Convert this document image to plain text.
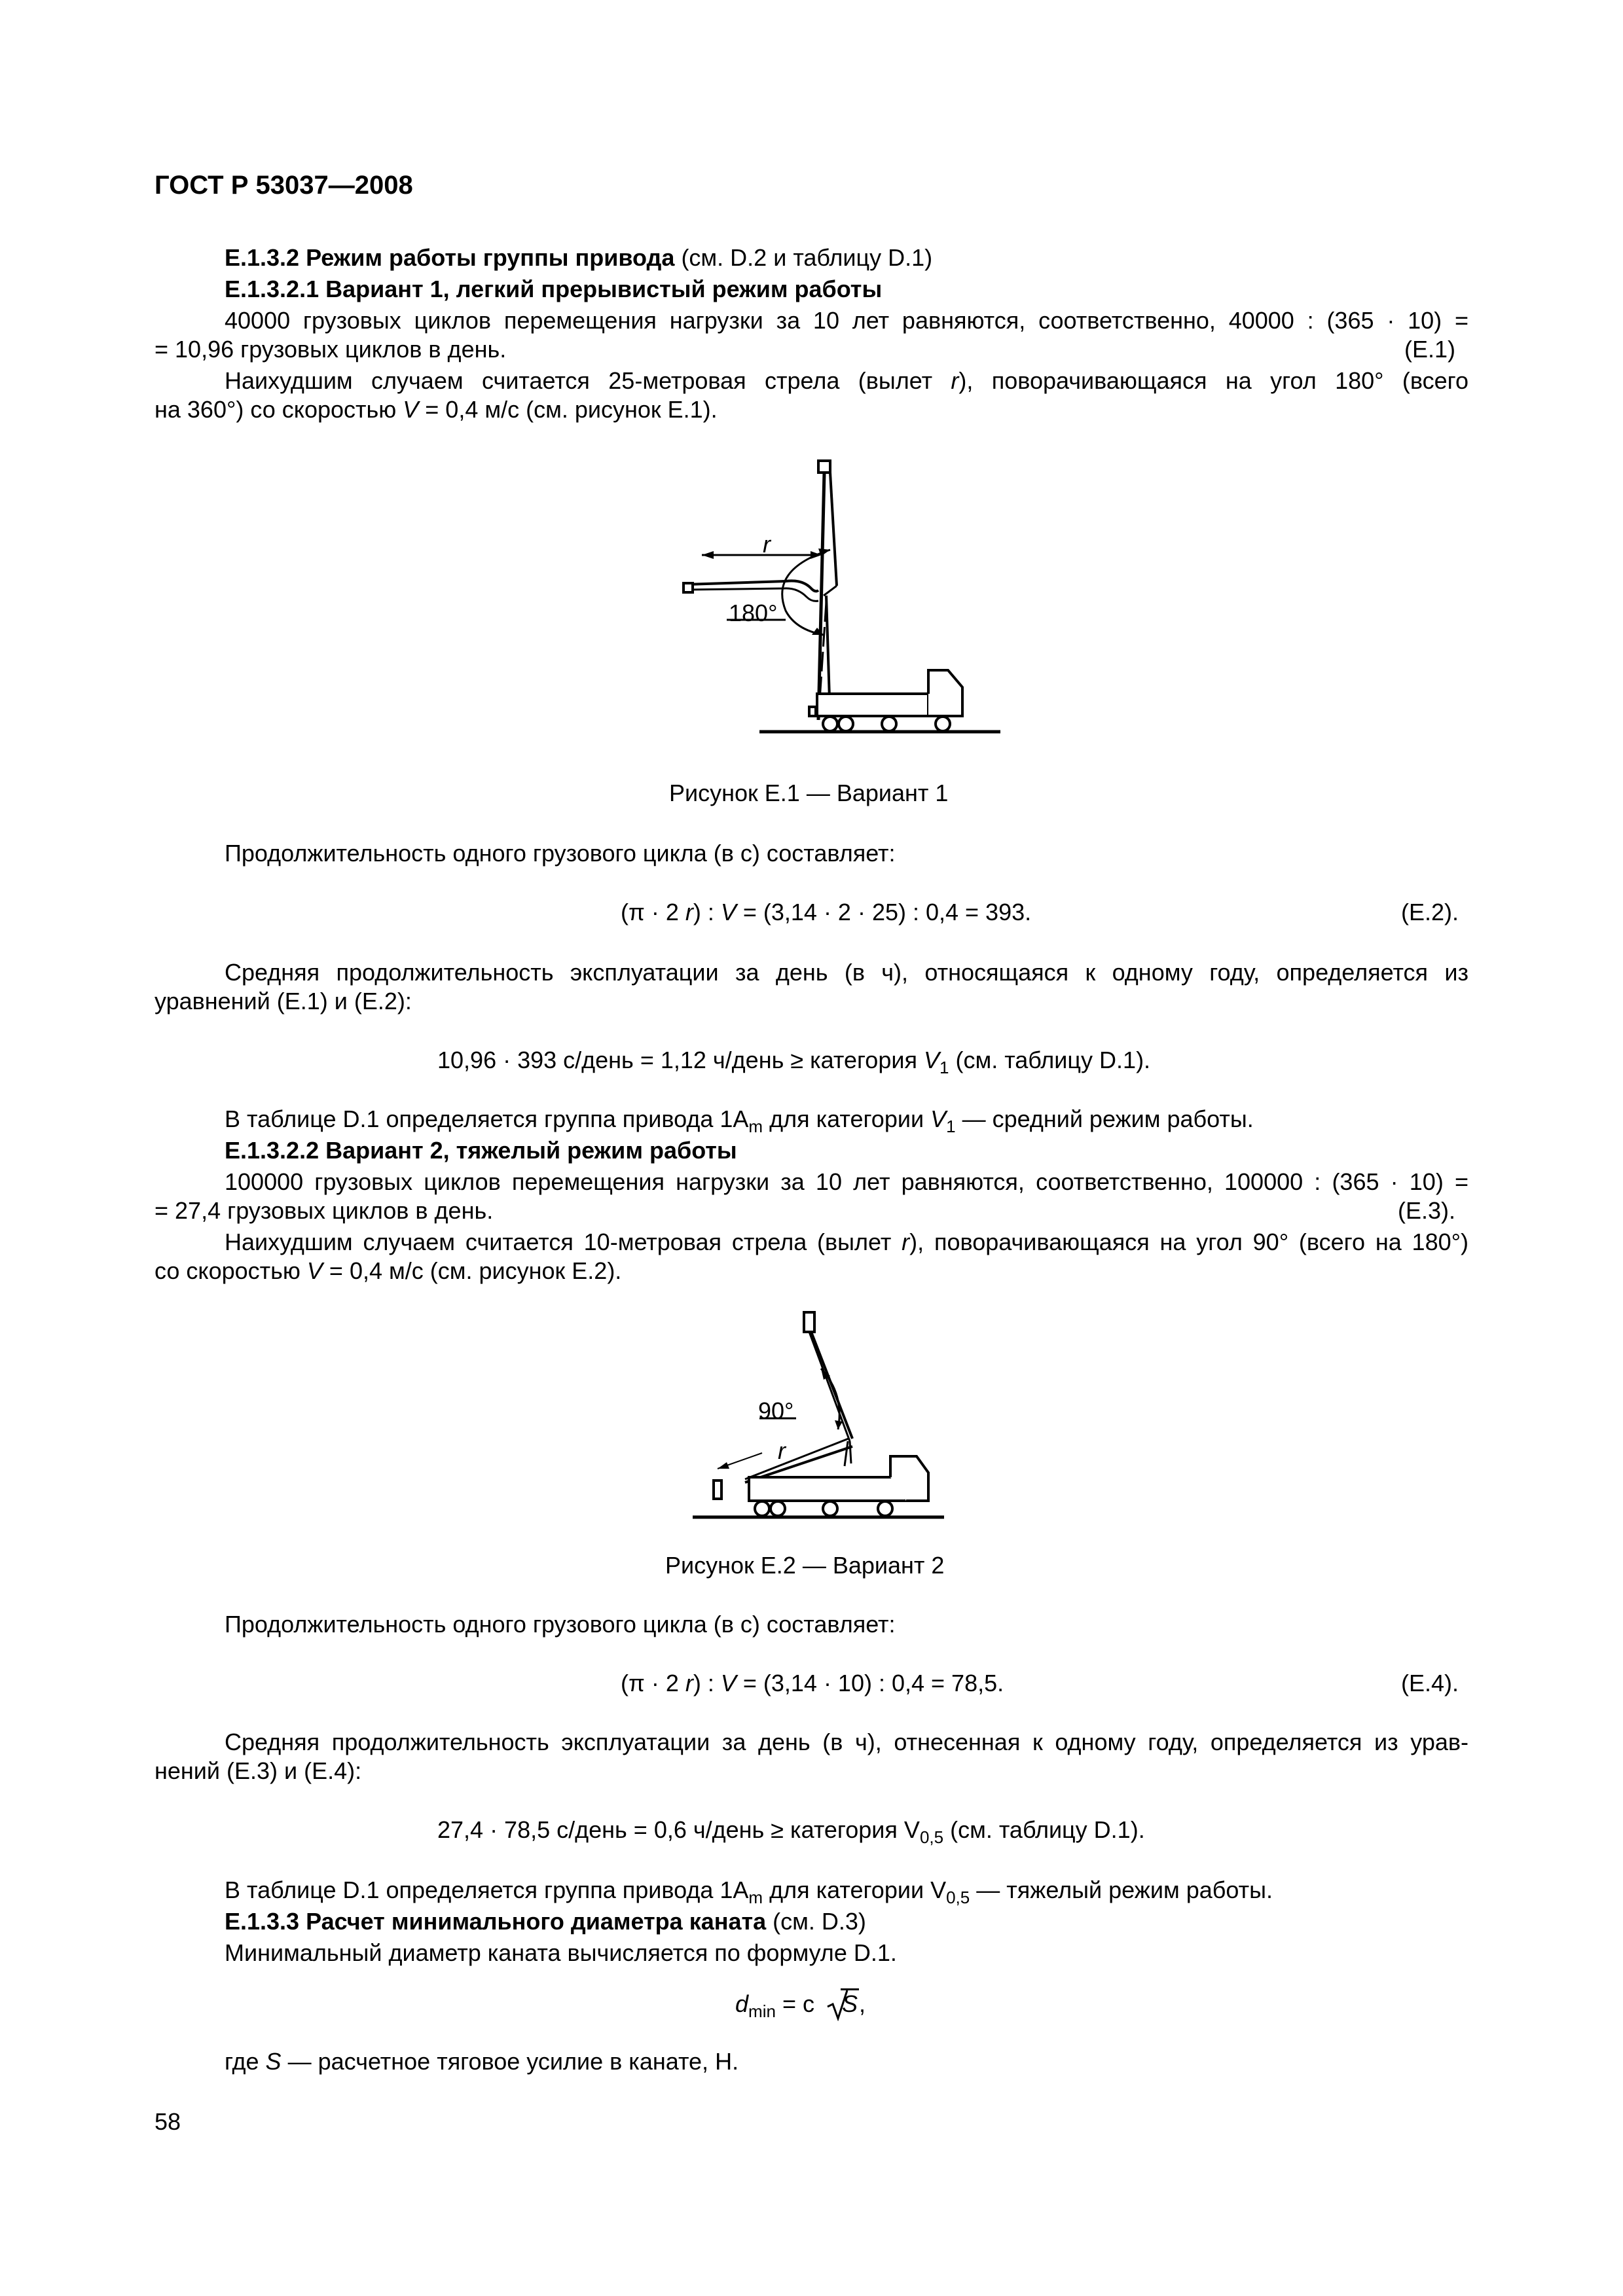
ГОСТ Р 53037—2008
Е.1.3.2 Режим работы группы привода (см. D.2 и таблицу D.1)
Е.1.3.2.1 Вариант 1, легкий прерывистый режим работы
40000 грузовых циклов перемещения нагрузки за 10 лет равняются, соответственно, 40000 : (365 · 10) =
= 10,96 грузовых циклов в день.	(Е.1)
Наихудшим случаем считается 25-метровая стрела (вылет r), поворачивающаяся на угол 180° (всего
на 360°) со скоростью V = 0,4 м/с (см. рисунок Е.1).
r
180°
Рисунок Е.1 — Вариант 1
Продолжительность одного грузового цикла (в с) составляет:
(π · 2 r) : V = (3,14 · 2 · 25) : 0,4 = 393.	(Е.2).
Средняя продолжительность эксплуатации за день (в ч), относящаяся к одному году, определяется из
уравнений (Е.1) и (Е.2):
10,96 · 393 с/день = 1,12 ч/день ≥ категория $V_1$ (см. таблицу D.1).
В таблице D.1 определяется группа привода $1A_m$ для категории $V_1$ — средний режим работы.
Е.1.3.2.2 Вариант 2, тяжелый режим работы
100000 грузовых циклов перемещения нагрузки за 10 лет равняются, соответственно, 100000 : (365 · 10) =
= 27,4 грузовых циклов в день.	(Е.3).
Наихудшим случаем считается 10-метровая стрела (вылет r), поворачивающаяся на угол 90° (всего на 180°)
со скоростью V = 0,4 м/с (см. рисунок Е.2).
90°
r
Рисунок Е.2 — Вариант 2
Продолжительность одного грузового цикла (в с) составляет:
(π · 2 r) : V = (3,14 · 10) : 0,4 = 78,5.	(Е.4).
Средняя продолжительность эксплуатации за день (в ч), отнесенная к одному году, определяется из урав-
нений (Е.3) и (Е.4):
27,4 · 78,5 с/день = 0,6 ч/день ≥ категория $V_{0,5}$ (см. таблицу D.1).
В таблице D.1 определяется группа привода $1A_m$ для категории $V_{0,5}$ — тяжелый режим работы.
Е.1.3.3 Расчет минимального диаметра каната (см. D.3)
Минимальный диаметр каната вычисляется по формуле D.1.
$d_{min} = с$  S,
где S — расчетное тяговое усилие в канате, Н.
58
